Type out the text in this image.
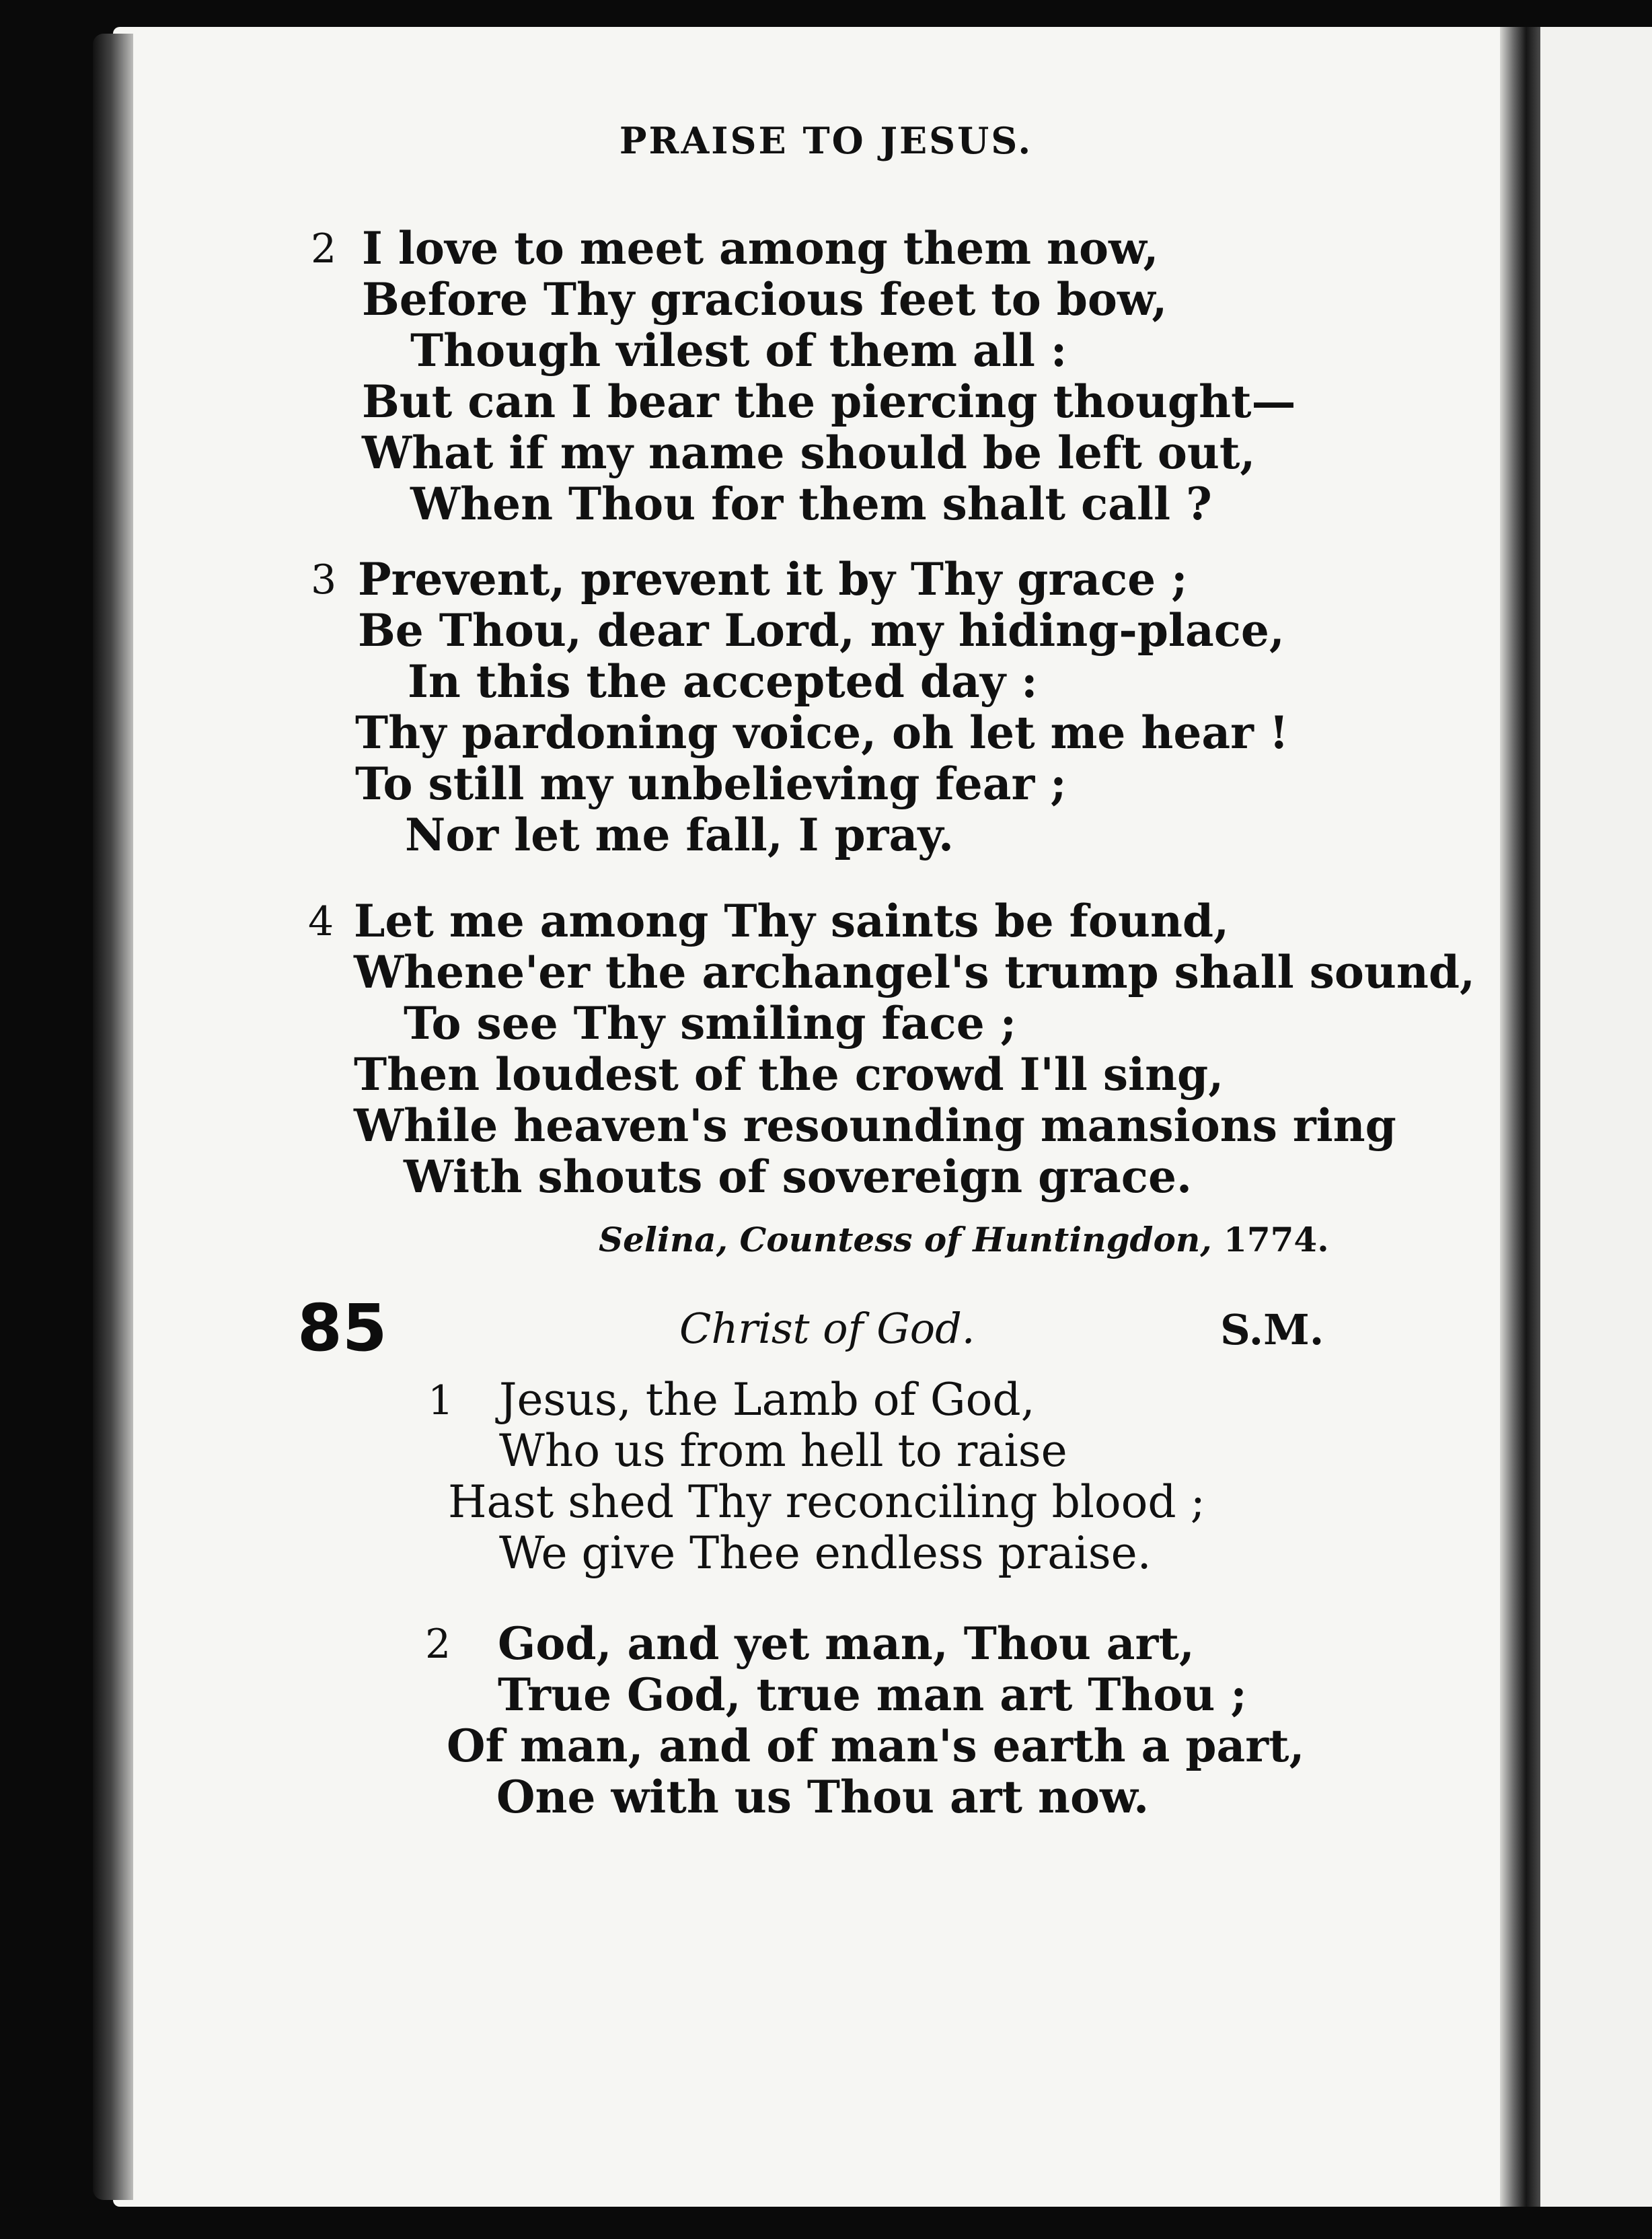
PRAISE TO JESUS.
2 I love to meet among them now,
Before Thy gracious feet to bow,
Though vilest of them all :
But can I bear the piercing thought—
What if my name should be left out,
When Thou for them shalt call ?
3 Prevent, prevent it by Thy grace ;
Be Thou, dear Lord, my hiding-place,
In this the accepted day :
Thy pardoning voice, oh let me hear !
To still my unbelieving fear ;
Nor let me fall, I pray.
4 Let me among Thy saints be found,
Whene'er the archangel's trump shall sound,
To see Thy smiling face ;
Then loudest of the crowd I'll sing,
While heaven's resounding mansions ring
With shouts of sovereign grace.
Selina, Countess of Huntingdon, 1774.
85	Christ of God.	S.M.
1 Jesus, the Lamb of God,
Who us from hell to raise
Hast shed Thy reconciling blood ;
We give Thee endless praise.
2 God, and yet man, Thou art,
True God, true man art Thou ;
Of man, and of man's earth a part,
One with us Thou art now.
